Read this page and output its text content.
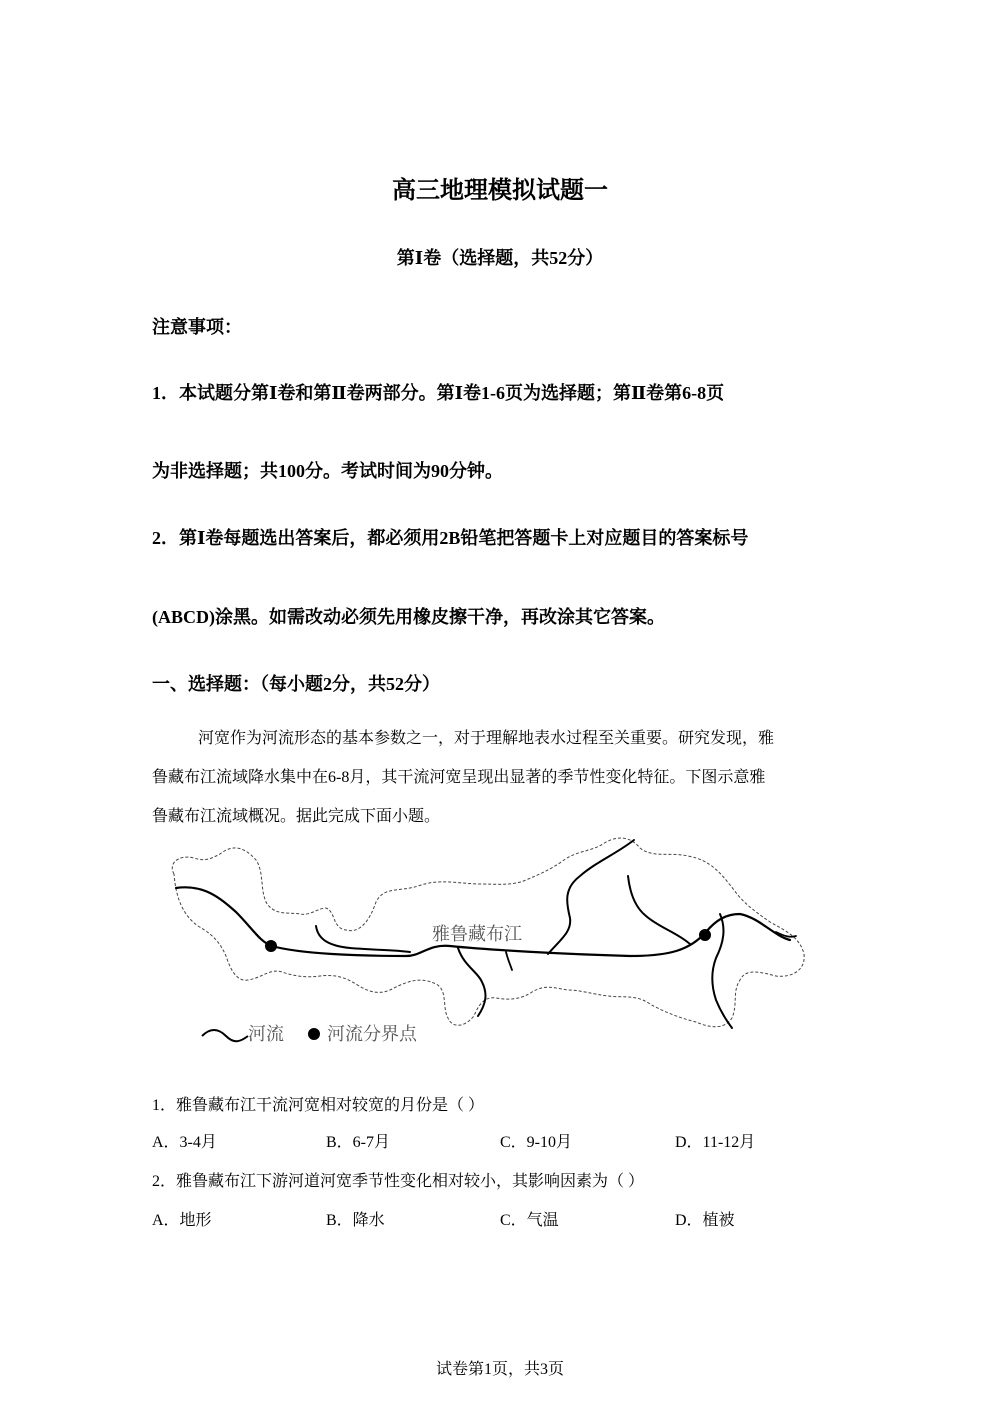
高三地理模拟试题一
第Ⅰ卷（选择题，共52分）
注意事项：
1．本试题分第Ⅰ卷和第Ⅱ卷两部分。第Ⅰ卷1-6页为选择题；第Ⅱ卷第6-8页
为非选择题；共100分。考试时间为90分钟。
2．第Ⅰ卷每题选出答案后，都必须用2B铅笔把答题卡上对应题目的答案标号
(ABCD)涂黑。如需改动必须先用橡皮擦干净，再改涂其它答案。
一、选择题：（每小题2分，共52分）
河宽作为河流形态的基本参数之一，对于理解地表水过程至关重要。研究发现，雅
鲁藏布江流域降水集中在6-8月，其干流河宽呈现出显著的季节性变化特征。下图示意雅
鲁藏布江流域概况。据此完成下面小题。
雅鲁藏布江
河流 河流分界点
1．雅鲁藏布江干流河宽相对较宽的月份是（ ）
A．3-4月	B．6-7月	C．9-10月	D．11-12月
2．雅鲁藏布江下游河道河宽季节性变化相对较小，其影响因素为（ ）
A．地形	B．降水	C．气温	D．植被
试卷第1页，共3页
